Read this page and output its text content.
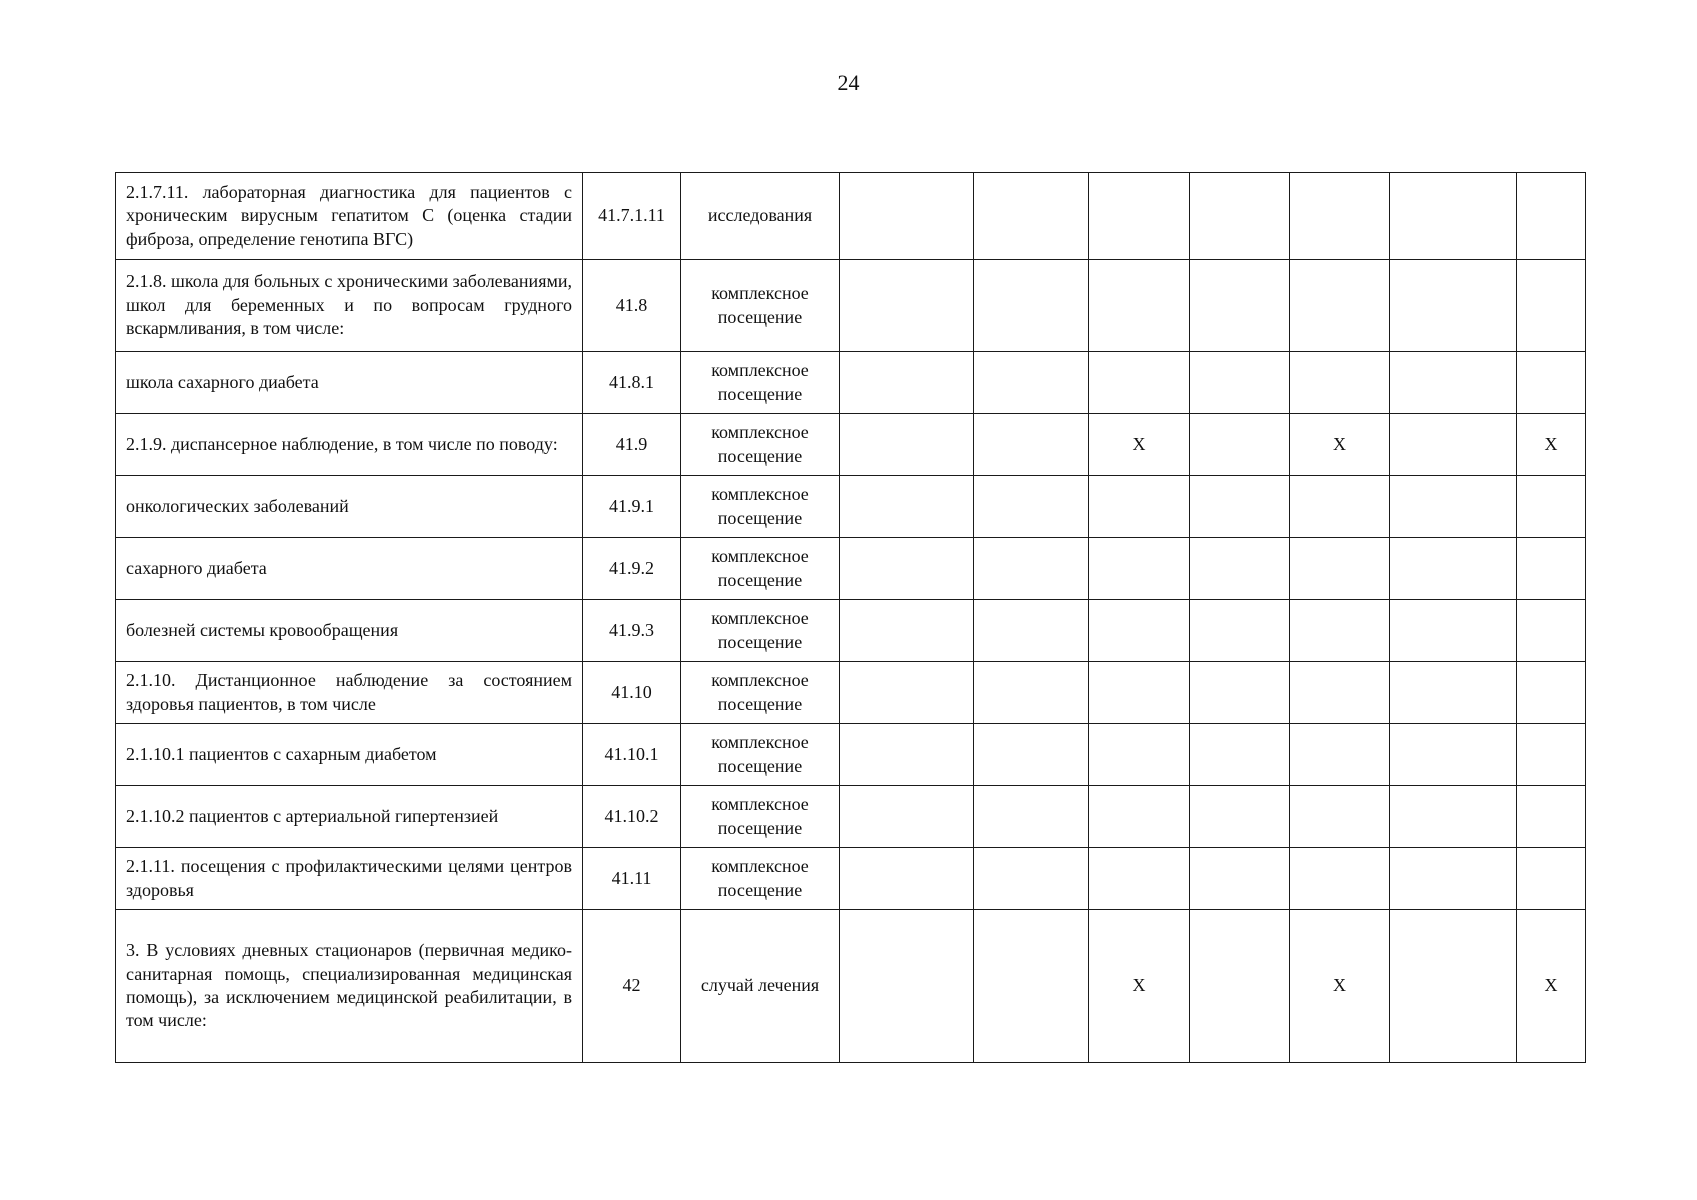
24
2.1.7.11. лабораторная диагностика для пациентов с хроническим вирусным гепатитом С (оценка стадии фиброза, определение генотипа ВГС)	41.7.1.11	исследования							
2.1.8. школа для больных с хроническими заболеваниями, школ для беременных и по вопросам грудного вскармливания, в том числе:	41.8	комплексное посещение							
школа сахарного диабета	41.8.1	комплексное посещение							
2.1.9. диспансерное наблюдение, в том числе по поводу:	41.9	комплексное посещение			X		X		X
онкологических заболеваний	41.9.1	комплексное посещение							
сахарного диабета	41.9.2	комплексное посещение							
болезней системы кровообращения	41.9.3	комплексное посещение							
2.1.10. Дистанционное наблюдение за состоянием здоровья пациентов, в том числе	41.10	комплексное посещение							
2.1.10.1 пациентов с сахарным диабетом	41.10.1	комплексное посещение							
2.1.10.2 пациентов с артериальной гипертензией	41.10.2	комплексное посещение							
2.1.11. посещения с профилактическими целями центров здоровья	41.11	комплексное посещение							
3. В условиях дневных стационаров (первичная медико-санитарная помощь, специализированная медицинская помощь), за исключением медицинской реабилитации, в том числе:	42	случай лечения			X		X		X
